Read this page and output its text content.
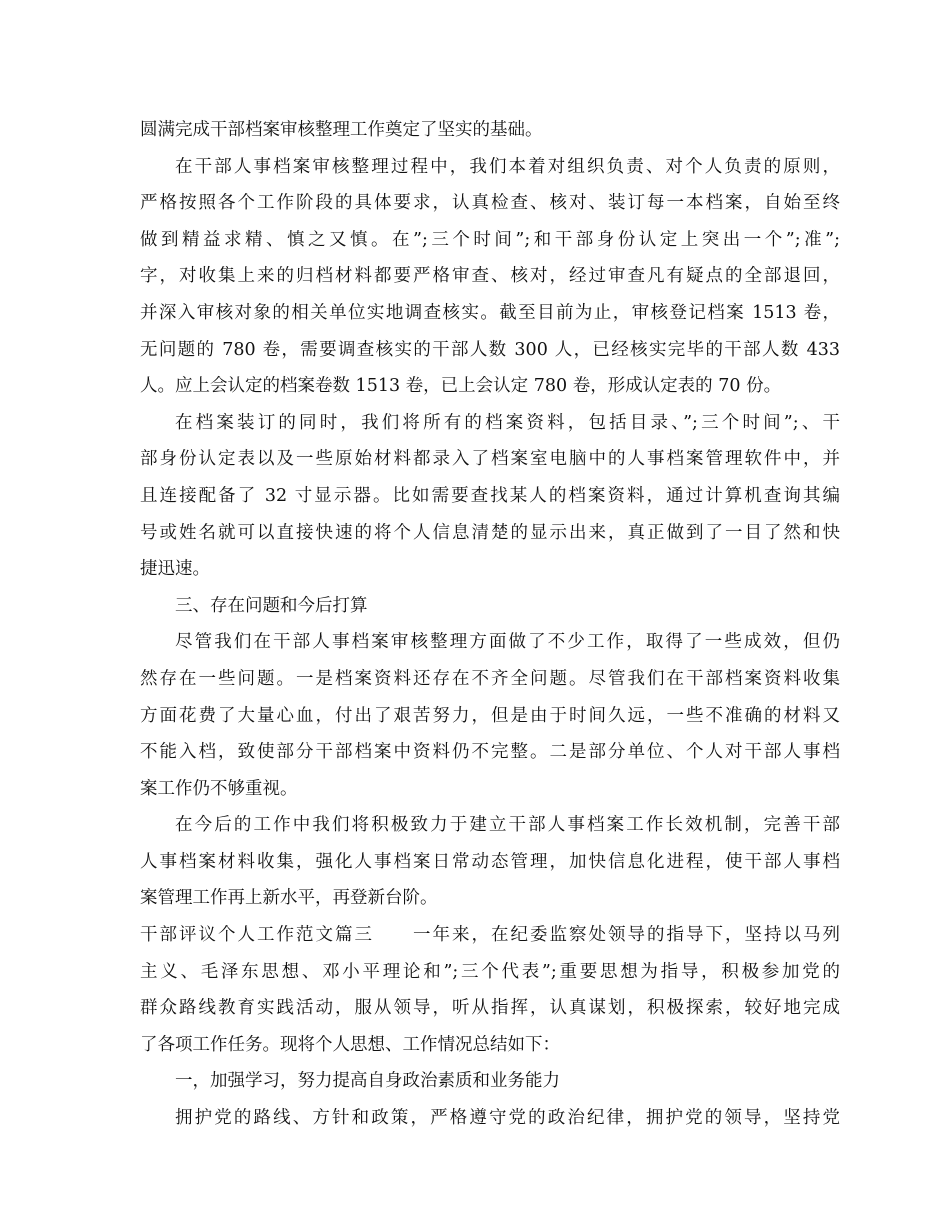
圆满完成干部档案审核整理工作奠定了坚实的基础。
在干部人事档案审核整理过程中，我们本着对组织负责、对个人负责的原则，
严格按照各个工作阶段的具体要求，认真检查、核对、装订每一本档案，自始至终
做到精益求精、慎之又慎。在”;三个时间”;和干部身份认定上突出一个”;准”;
字，对收集上来的归档材料都要严格审查、核对，经过审查凡有疑点的全部退回，
并深入审核对象的相关单位实地调查核实。截至目前为止，审核登记档案 1513 卷，
无问题的 780 卷，需要调查核实的干部人数 300 人，已经核实完毕的干部人数 433
人。应上会认定的档案卷数 1513 卷，已上会认定 780 卷，形成认定表的 70 份。
在档案装订的同时，我们将所有的档案资料，包括目录、”;三个时间”;、干
部身份认定表以及一些原始材料都录入了档案室电脑中的人事档案管理软件中，并
且连接配备了 32 寸显示器。比如需要查找某人的档案资料，通过计算机查询其编
号或姓名就可以直接快速的将个人信息清楚的显示出来，真正做到了一目了然和快
捷迅速。
三、存在问题和今后打算
尽管我们在干部人事档案审核整理方面做了不少工作，取得了一些成效，但仍
然存在一些问题。一是档案资料还存在不齐全问题。尽管我们在干部档案资料收集
方面花费了大量心血，付出了艰苦努力，但是由于时间久远，一些不准确的材料又
不能入档，致使部分干部档案中资料仍不完整。二是部分单位、个人对干部人事档
案工作仍不够重视。
在今后的工作中我们将积极致力于建立干部人事档案工作长效机制，完善干部
人事档案材料收集，强化人事档案日常动态管理，加快信息化进程，使干部人事档
案管理工作再上新水平，再登新台阶。
干部评议个人工作范文篇三　　一年来，在纪委监察处领导的指导下，坚持以马列
主义、毛泽东思想、邓小平理论和”;三个代表”;重要思想为指导，积极参加党的
群众路线教育实践活动，服从领导，听从指挥，认真谋划，积极探索，较好地完成
了各项工作任务。现将个人思想、工作情况总结如下：
一，加强学习，努力提高自身政治素质和业务能力
拥护党的路线、方针和政策，严格遵守党的政治纪律，拥护党的领导，坚持党
